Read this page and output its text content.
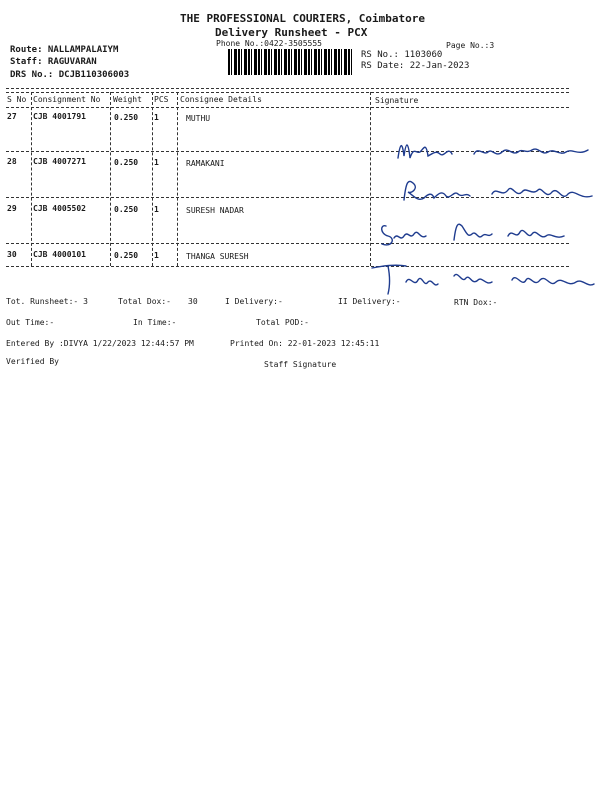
THE PROFESSIONAL COURIERS, Coimbatore
Delivery Runsheet - PCX
Phone No.:0422-3505555	Page No.:3
Route: NALLAMPALAIYM
Staff: RAGUVARAN
DRS No.: DCJB110306003
RS No.: 1103060
RS Date: 22-Jan-2023
S No Consignment No Weight PCS Consignee Details	Signature
27 CJB 4001791	0.250 1	MUTHU
28 CJB 4007271	0.250 1	RAMAKANI
29 CJB 4005502	0.250 1	SURESH NADAR
30 CJB 4000101	0.250 1	THANGA SURESH
Tot. Runsheet:- 3	Total Dox:- 30	I Delivery:-	II Delivery:-	RTN Dox:-
Out Time:-	In Time:-	Total POD:-
Entered By :DIVYA 1/22/2023 12:44:57 PM	Printed On: 22-01-2023 12:45:11
Verified By	Staff Signature
